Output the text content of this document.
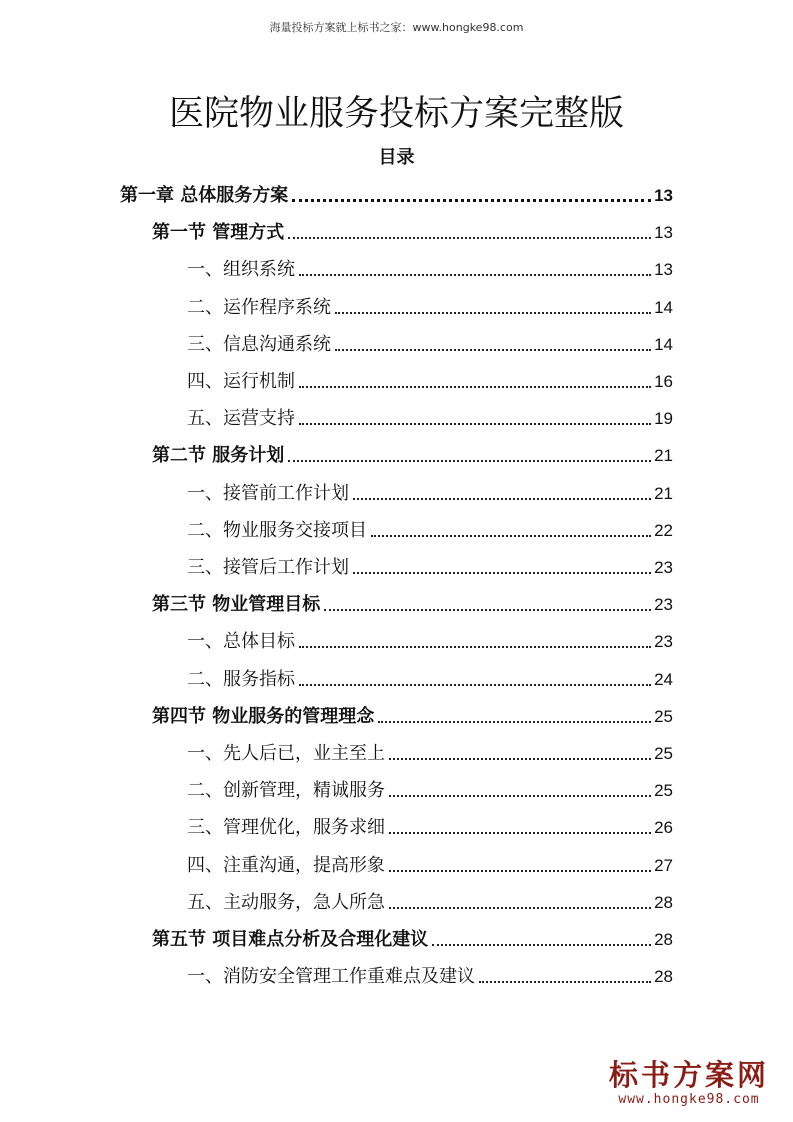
海量投标方案就上标书之家：www.hongke98.com
医院物业服务投标方案完整版
目录
第一章 总体服务方案	13
第一节 管理方式	13
一、组织系统	13
二、运作程序系统	14
三、信息沟通系统	14
四、运行机制	16
五、运营支持	19
第二节 服务计划	21
一、接管前工作计划	21
二、物业服务交接项目	22
三、接管后工作计划	23
第三节 物业管理目标	23
一、总体目标	23
二、服务指标	24
第四节 物业服务的管理理念	25
一、先人后已，业主至上	25
二、创新管理，精诚服务	25
三、管理优化，服务求细	26
四、注重沟通，提高形象	27
五、主动服务，急人所急	28
第五节 项目难点分析及合理化建议	28
一、消防安全管理工作重难点及建议	28
标书方案网
www.hongke98.com
